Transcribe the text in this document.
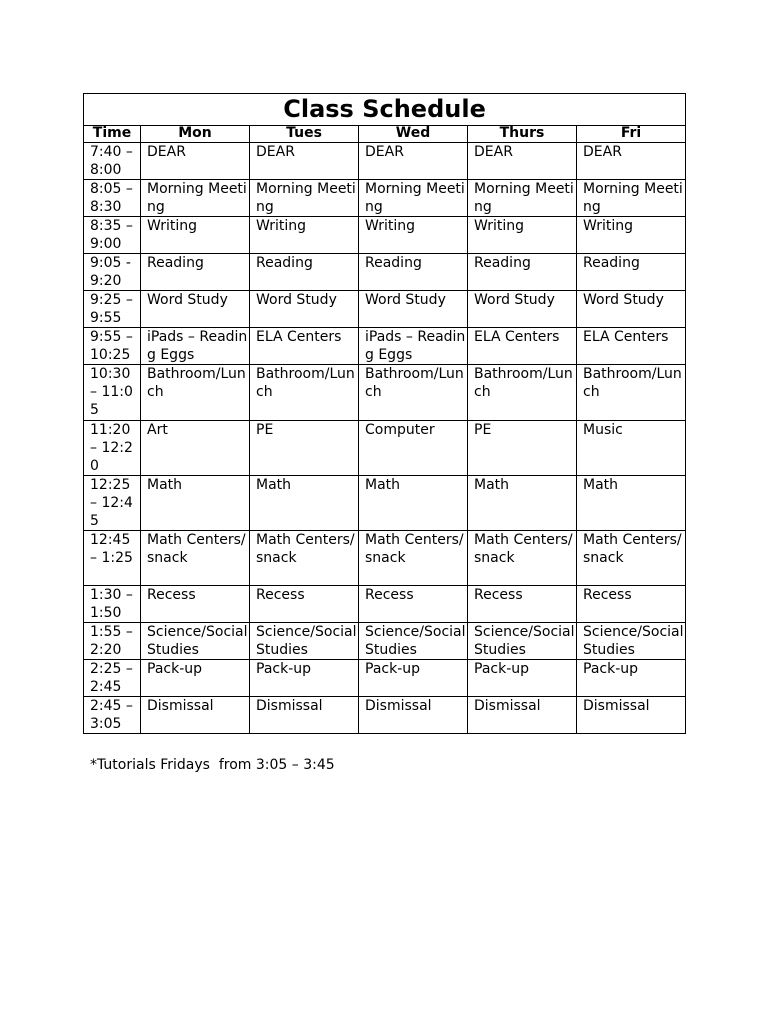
Class Schedule					
Time	Mon	Tues	Wed	Thurs	Fri
7:40 – 8:00	DEAR	DEAR	DEAR	DEAR	DEAR
8:05 – 8:30	Morning Meeting	Morning Meeting	Morning Meeting	Morning Meeting	Morning Meeting
8:35 – 9:00	Writing	Writing	Writing	Writing	Writing
9:05 - 9:20	Reading	Reading	Reading	Reading	Reading
9:25 – 9:55	Word Study	Word Study	Word Study	Word Study	Word Study
9:55 – 10:25	iPads – Reading Eggs	ELA Centers	iPads – Reading Eggs	ELA Centers	ELA Centers
10:30 – 11:05	Bathroom/Lunch	Bathroom/Lunch	Bathroom/Lunch	Bathroom/Lunch	Bathroom/Lunch
11:20 – 12:20	Art	PE	Computer	PE	Music
12:25 – 12:45	Math	Math	Math	Math	Math
12:45 – 1:25	Math Centers/snack	Math Centers/snack	Math Centers/snack	Math Centers/snack	Math Centers/snack
1:30 – 1:50	Recess	Recess	Recess	Recess	Recess
1:55 – 2:20	Science/Social Studies	Science/Social Studies	Science/Social Studies	Science/Social Studies	Science/Social Studies
2:25 – 2:45	Pack-up	Pack-up	Pack-up	Pack-up	Pack-up
2:45 – 3:05	Dismissal	Dismissal	Dismissal	Dismissal	Dismissal
*Tutorials Fridays  from 3:05 – 3:45
